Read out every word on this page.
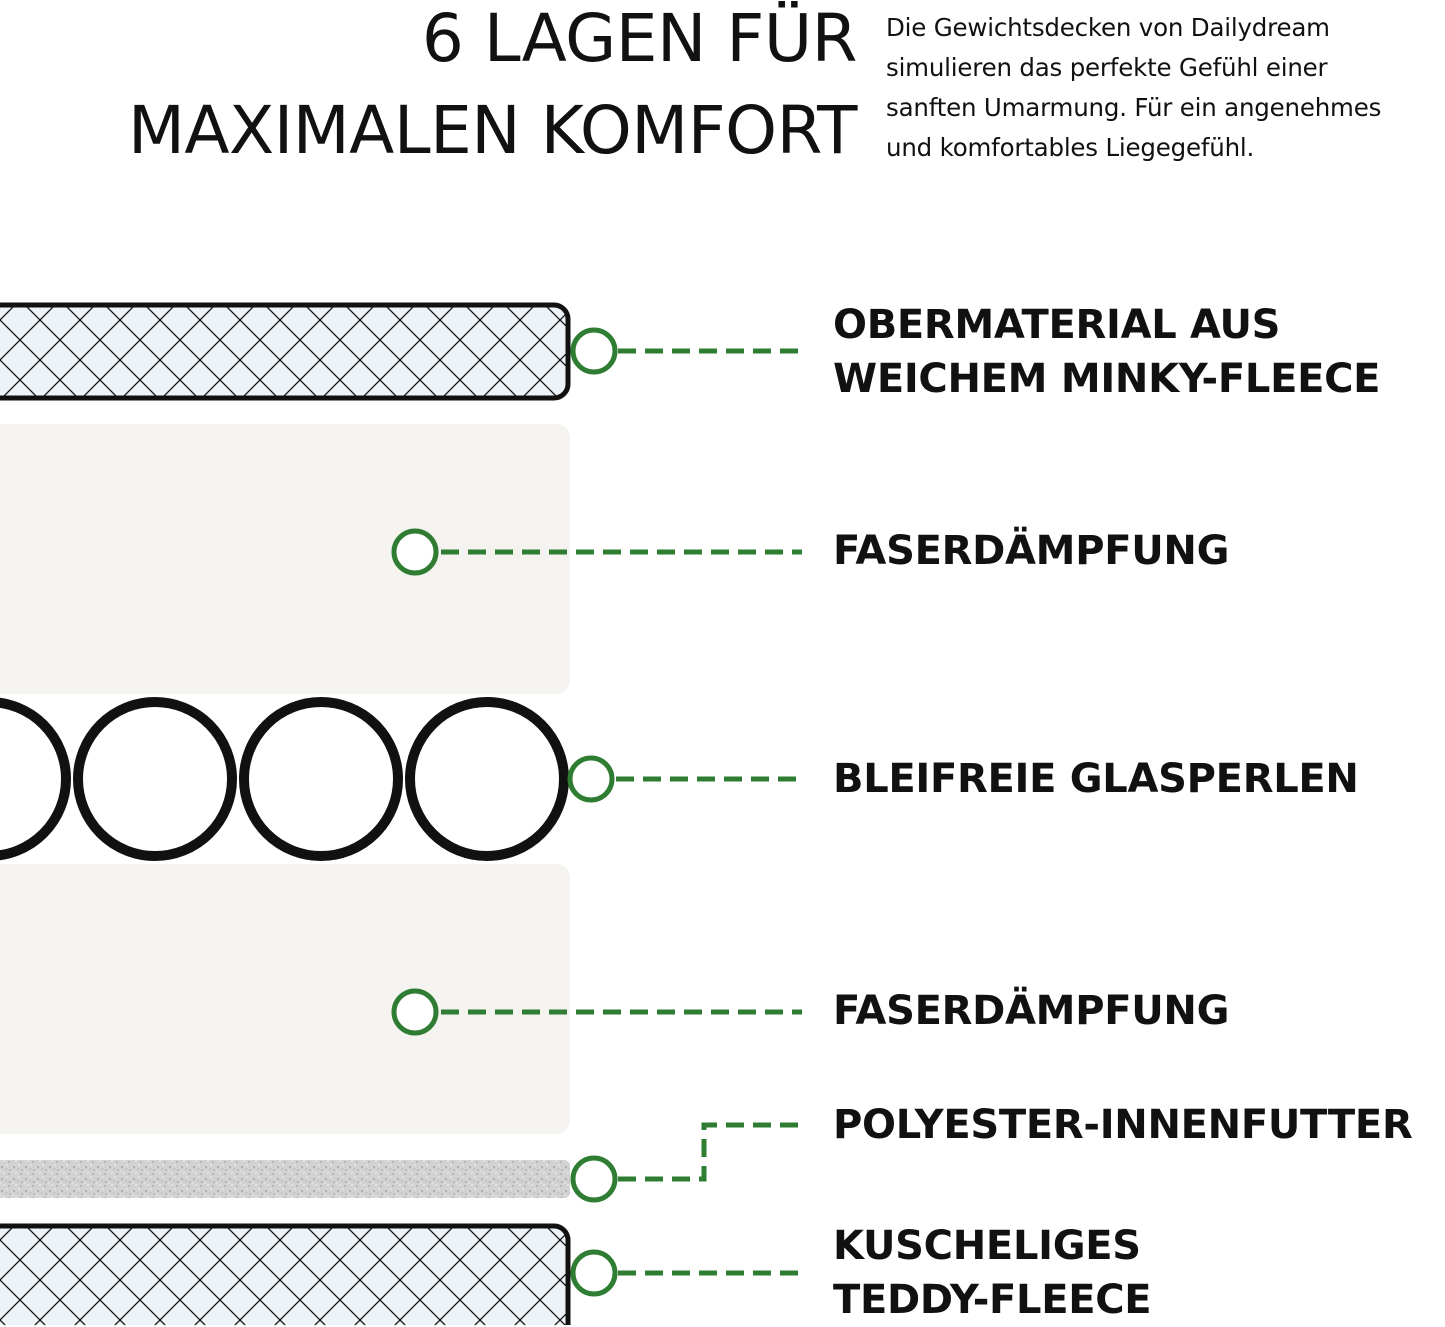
6 LAGEN FÜR
MAXIMALEN KOMFORT
Die Gewichtsdecken von Dailydream
simulieren das perfekte Gefühl einer
sanften Umarmung. Für ein angenehmes
und komfortables Liegegefühl.
OBERMATERIAL AUS
WEICHEM MINKY-FLEECE
FASERDÄMPFUNG
BLEIFREIE GLASPERLEN
FASERDÄMPFUNG
POLYESTER-INNENFUTTER
KUSCHELIGES
TEDDY-FLEECE
